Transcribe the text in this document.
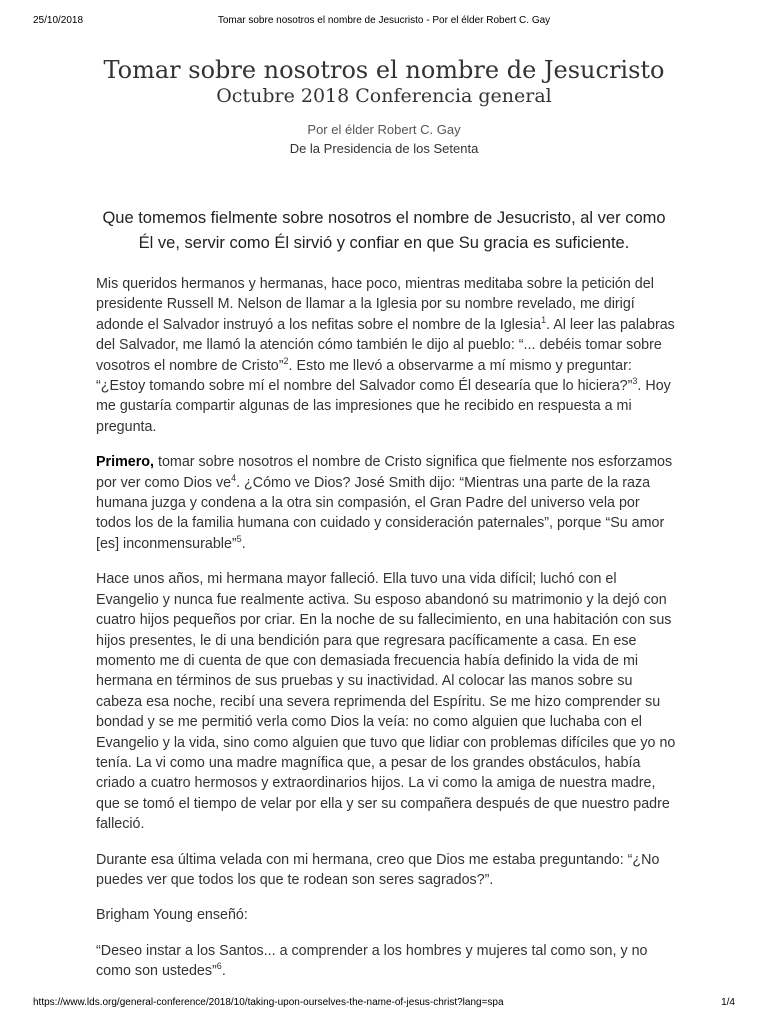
25/10/2018	Tomar sobre nosotros el nombre de Jesucristo - Por el élder Robert C. Gay
Tomar sobre nosotros el nombre de Jesucristo
Octubre 2018 Conferencia general
Por el élder Robert C. Gay
De la Presidencia de los Setenta
Que tomemos fielmente sobre nosotros el nombre de Jesucristo, al ver como Él ve, servir como Él sirvió y confiar en que Su gracia es suficiente.

Mis queridos hermanos y hermanas, hace poco, mientras meditaba sobre la petición del presidente Russell M. Nelson de llamar a la Iglesia por su nombre revelado, me dirigí adonde el Salvador instruyó a los nefitas sobre el nombre de la Iglesia$^1$. Al leer las palabras del Salvador, me llamó la atención cómo también le dijo al pueblo: “... debéis tomar sobre vosotros el nombre de Cristo”$^2$. Esto me llevó a observarme a mí mismo y preguntar: “¿Estoy tomando sobre mí el nombre del Salvador como Él desearía que lo hiciera?”$^3$. Hoy me gustaría compartir algunas de las impresiones que he recibido en respuesta a mi pregunta.

Primero, tomar sobre nosotros el nombre de Cristo significa que fielmente nos esforzamos por ver como Dios $ve^4$. ¿Cómo ve Dios? José Smith dijo: “Mientras una parte de la raza humana juzga y condena a la otra sin compasión, el Gran Padre del universo vela por todos los de la familia humana con cuidado y consideración paternales”, porque “Su amor [es] inconmensurable”$^5$.

Hace unos años, mi hermana mayor falleció. Ella tuvo una vida difícil; luchó con el Evangelio y nunca fue realmente activa. Su esposo abandonó su matrimonio y la dejó con cuatro hijos pequeños por criar. En la noche de su fallecimiento, en una habitación con sus hijos presentes, le di una bendición para que regresara pacíficamente a casa. En ese momento me di cuenta de que con demasiada frecuencia había definido la vida de mi hermana en términos de sus pruebas y su inactividad. Al colocar las manos sobre su cabeza esa noche, recibí una severa reprimenda del Espíritu. Se me hizo comprender su bondad y se me permitió verla como Dios la veía: no como alguien que luchaba con el Evangelio y la vida, sino como alguien que tuvo que lidiar con problemas difíciles que yo no tenía. La vi como una madre magnífica que, a pesar de los grandes obstáculos, había criado a cuatro hermosos y extraordinarios hijos. La vi como la amiga de nuestra madre, que se tomó el tiempo de velar por ella y ser su compañera después de que nuestro padre falleció.

Durante esa última velada con mi hermana, creo que Dios me estaba preguntando: “¿No puedes ver que todos los que te rodean son seres sagrados?”.

Brigham Young enseñó:

“Deseo instar a los Santos... a comprender a los hombres y mujeres tal como son, y no como son ustedes”$^6$.

https://www.lds.org/general-conference/2018/10/taking-upon-ourselves-the-name-of-jesus-christ?lang=spa	1/4
